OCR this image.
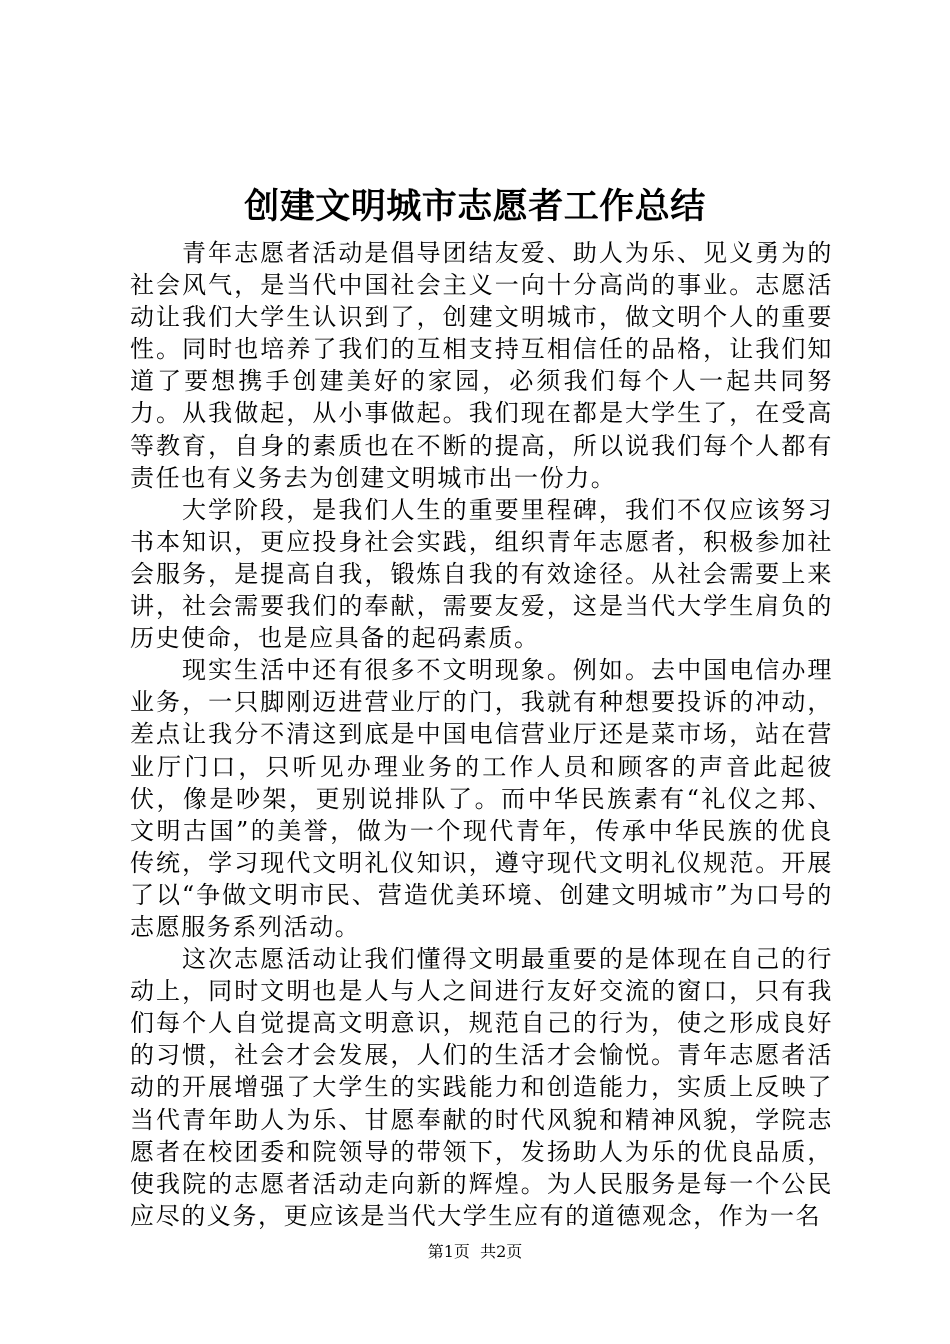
创建文明城市志愿者工作总结

青年志愿者活动是倡导团结友爱、助人为乐、见义勇为的社会风气，是当代中国社会主义一向十分高尚的事业。志愿活动让我们大学生认识到了，创建文明城市，做文明个人的重要性。同时也培养了我们的互相支持互相信任的品格，让我们知道了要想携手创建美好的家园，必须我们每个人一起共同努力。从我做起，从小事做起。我们现在都是大学生了，在受高等教育，自身的素质也在不断的提高，所以说我们每个人都有责任也有义务去为创建文明城市出一份力。

大学阶段，是我们人生的重要里程碑，我们不仅应该努习书本知识，更应投身社会实践，组织青年志愿者，积极参加社会服务，是提高自我，锻炼自我的有效途径。从社会需要上来讲，社会需要我们的奉献，需要友爱，这是当代大学生肩负的历史使命，也是应具备的起码素质。

现实生活中还有很多不文明现象。例如。去中国电信办理业务，一只脚刚迈进营业厅的门，我就有种想要投诉的冲动，差点让我分不清这到底是中国电信营业厅还是菜市场，站在营业厅门口，只听见办理业务的工作人员和顾客的声音此起彼伏，像是吵架，更别说排队了。而中华民族素有“礼仪之邦、文明古国”的美誉，做为一个现代青年，传承中华民族的优良传统，学习现代文明礼仪知识，遵守现代文明礼仪规范。开展了以“争做文明市民、营造优美环境、创建文明城市”为口号的志愿服务系列活动。

这次志愿活动让我们懂得文明最重要的是体现在自己的行动上，同时文明也是人与人之间进行友好交流的窗口，只有我们每个人自觉提高文明意识，规范自己的行为，使之形成良好的习惯，社会才会发展，人们的生活才会愉悦。青年志愿者活动的开展增强了大学生的实践能力和创造能力，实质上反映了当代青年助人为乐、甘愿奉献的时代风貌和精神风貌，学院志愿者在校团委和院领导的带领下，发扬助人为乐的优良品质，使我院的志愿者活动走向新的辉煌。为人民服务是每一个公民应尽的义务，更应该是当代大学生应有的道德观念，作为一名

第1页 共2页
